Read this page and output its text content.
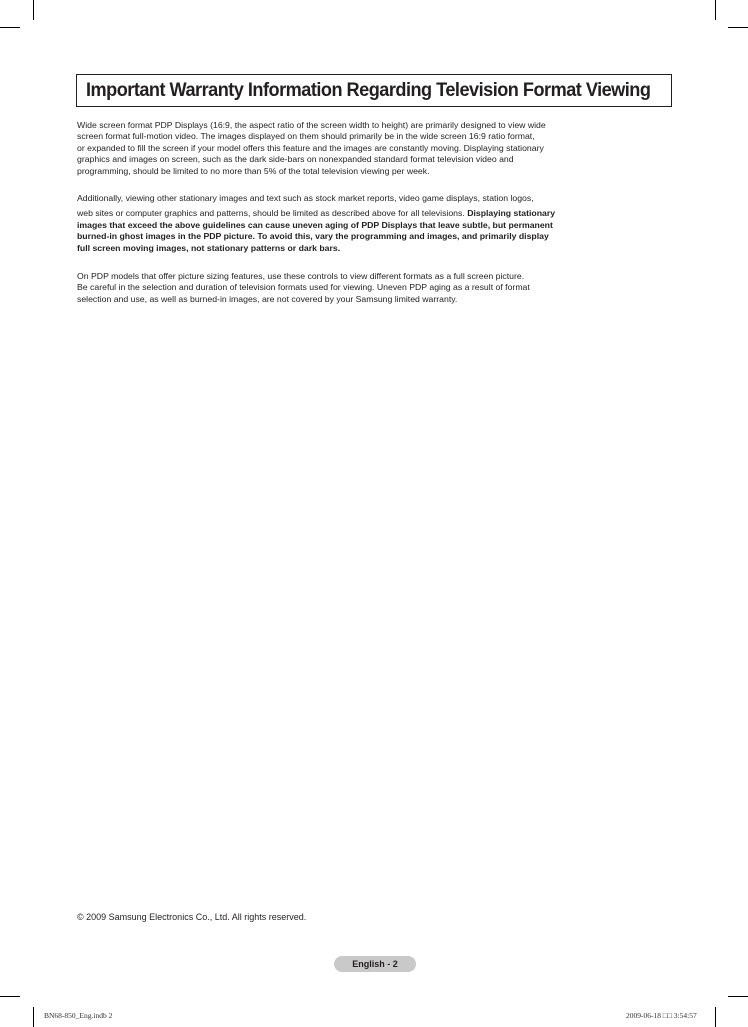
Important Warranty Information Regarding Television Format Viewing
Wide screen format PDP Displays (16:9, the aspect ratio of the screen width to height) are primarily designed to view wide
screen format full-motion video. The images displayed on them should primarily be in the wide screen 16:9 ratio format,
or expanded to fill the screen if your model offers this feature and the images are constantly moving. Displaying stationary
graphics and images on screen, such as the dark side-bars on nonexpanded standard format television video and
programming, should be limited to no more than 5% of the total television viewing per week.
Additionally, viewing other stationary images and text such as stock market reports, video game displays, station logos,
web sites or computer graphics and patterns, should be limited as described above for all televisions. Displaying stationary
images that exceed the above guidelines can cause uneven aging of PDP Displays that leave subtle, but permanent
burned-in ghost images in the PDP picture. To avoid this, vary the programming and images, and primarily display
full screen moving images, not stationary patterns or dark bars.
On PDP models that offer picture sizing features, use these controls to view different formats as a full screen picture.
Be careful in the selection and duration of television formats used for viewing. Uneven PDP aging as a result of format
selection and use, as well as burned-in images, are not covered by your Samsung limited warranty.
© 2009 Samsung Electronics Co., Ltd. All rights reserved.
English - 2
BN68-850_Eng.indb 2	2009-06-18 □□ 3:54:57
